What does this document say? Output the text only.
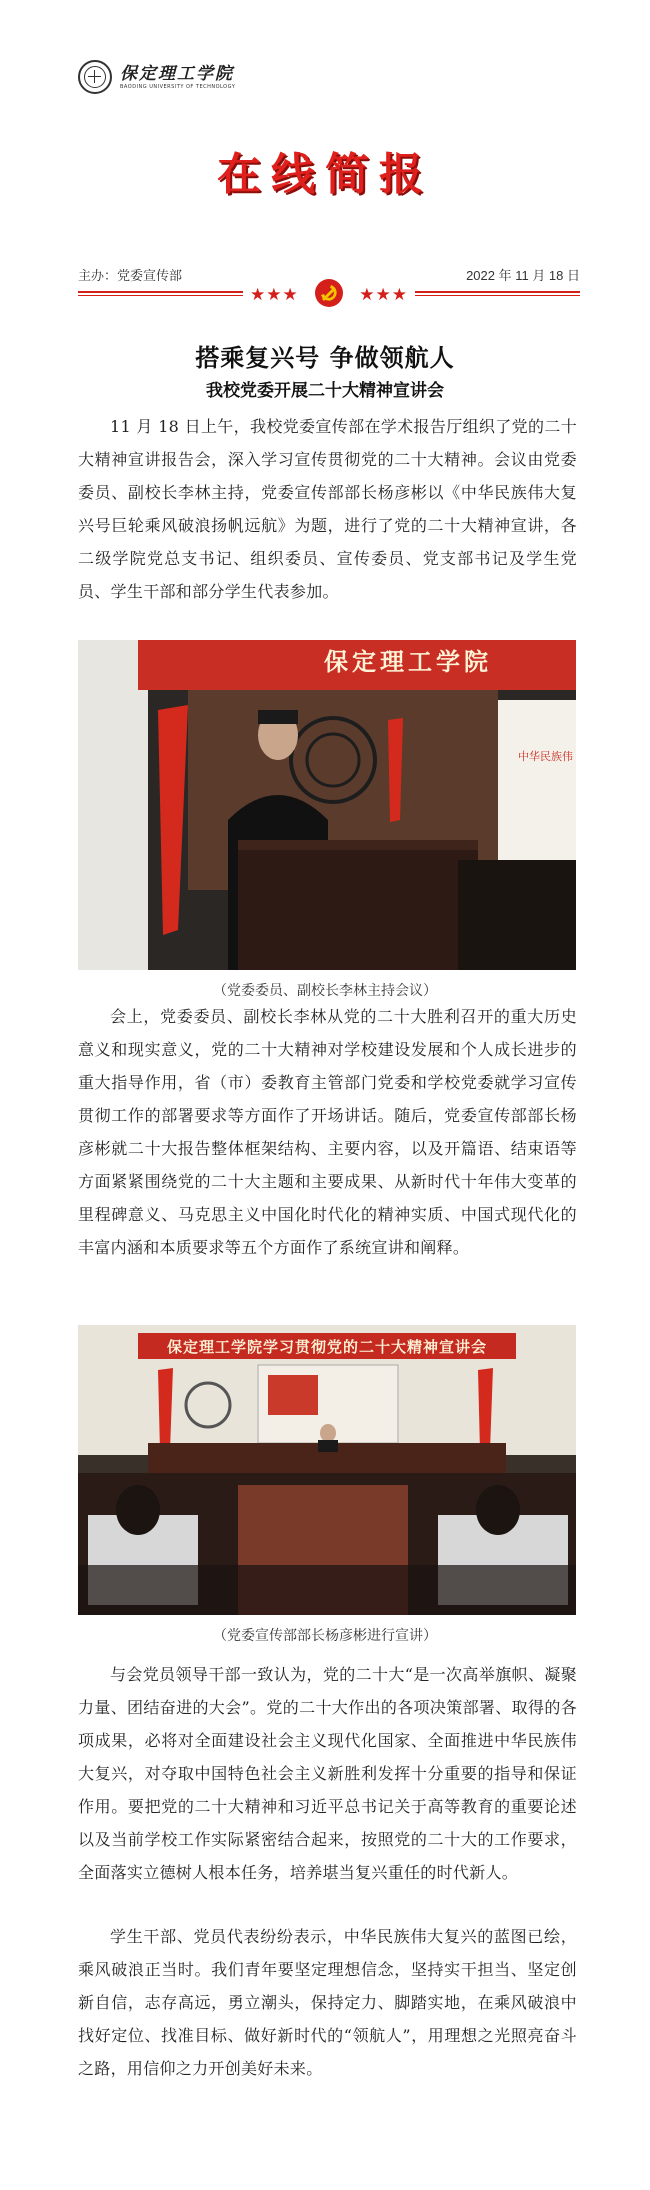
保定理工学院
BAODING UNIVERSITY OF TECHNOLOGY
在线简报
主办：党委宣传部	2022 年 11 月 18 日
★★★	★★★
搭乘复兴号 争做领航人
我校党委开展二十大精神宣讲会

11 月 18 日上午，我校党委宣传部在学术报告厅组织了党的二十大精神宣讲报告会，深入学习宣传贯彻党的二十大精神。会议由党委委员、副校长李林主持，党委宣传部部长杨彦彬以《中华民族伟大复兴号巨轮乘风破浪扬帆远航》为题，进行了党的二十大精神宣讲，各二级学院党总支书记、组织委员、宣传委员、党支部书记及学生党员、学生干部和部分学生代表参加。

保定理工学院
中华民族伟
（党委委员、副校长李林主持会议）

会上，党委委员、副校长李林从党的二十大胜利召开的重大历史意义和现实意义，党的二十大精神对学校建设发展和个人成长进步的重大指导作用，省（市）委教育主管部门党委和学校党委就学习宣传贯彻工作的部署要求等方面作了开场讲话。随后，党委宣传部部长杨彦彬就二十大报告整体框架结构、主要内容，以及开篇语、结束语等方面紧紧围绕党的二十大主题和主要成果、从新时代十年伟大变革的里程碑意义、马克思主义中国化时代化的精神实质、中国式现代化的丰富内涵和本质要求等五个方面作了系统宣讲和阐释。

保定理工学院学习贯彻党的二十大精神宣讲会
（党委宣传部部长杨彦彬进行宣讲）

与会党员领导干部一致认为，党的二十大“是一次高举旗帜、凝聚力量、团结奋进的大会”。党的二十大作出的各项决策部署、取得的各项成果，必将对全面建设社会主义现代化国家、全面推进中华民族伟大复兴，对夺取中国特色社会主义新胜利发挥十分重要的指导和保证作用。要把党的二十大精神和习近平总书记关于高等教育的重要论述以及当前学校工作实际紧密结合起来，按照党的二十大的工作要求，全面落实立德树人根本任务，培养堪当复兴重任的时代新人。

学生干部、党员代表纷纷表示，中华民族伟大复兴的蓝图已绘，乘风破浪正当时。我们青年要坚定理想信念，坚持实干担当、坚定创新自信，志存高远，勇立潮头，保持定力、脚踏实地，在乘风破浪中找好定位、找准目标、做好新时代的“领航人”，用理想之光照亮奋斗之路，用信仰之力开创美好未来。
